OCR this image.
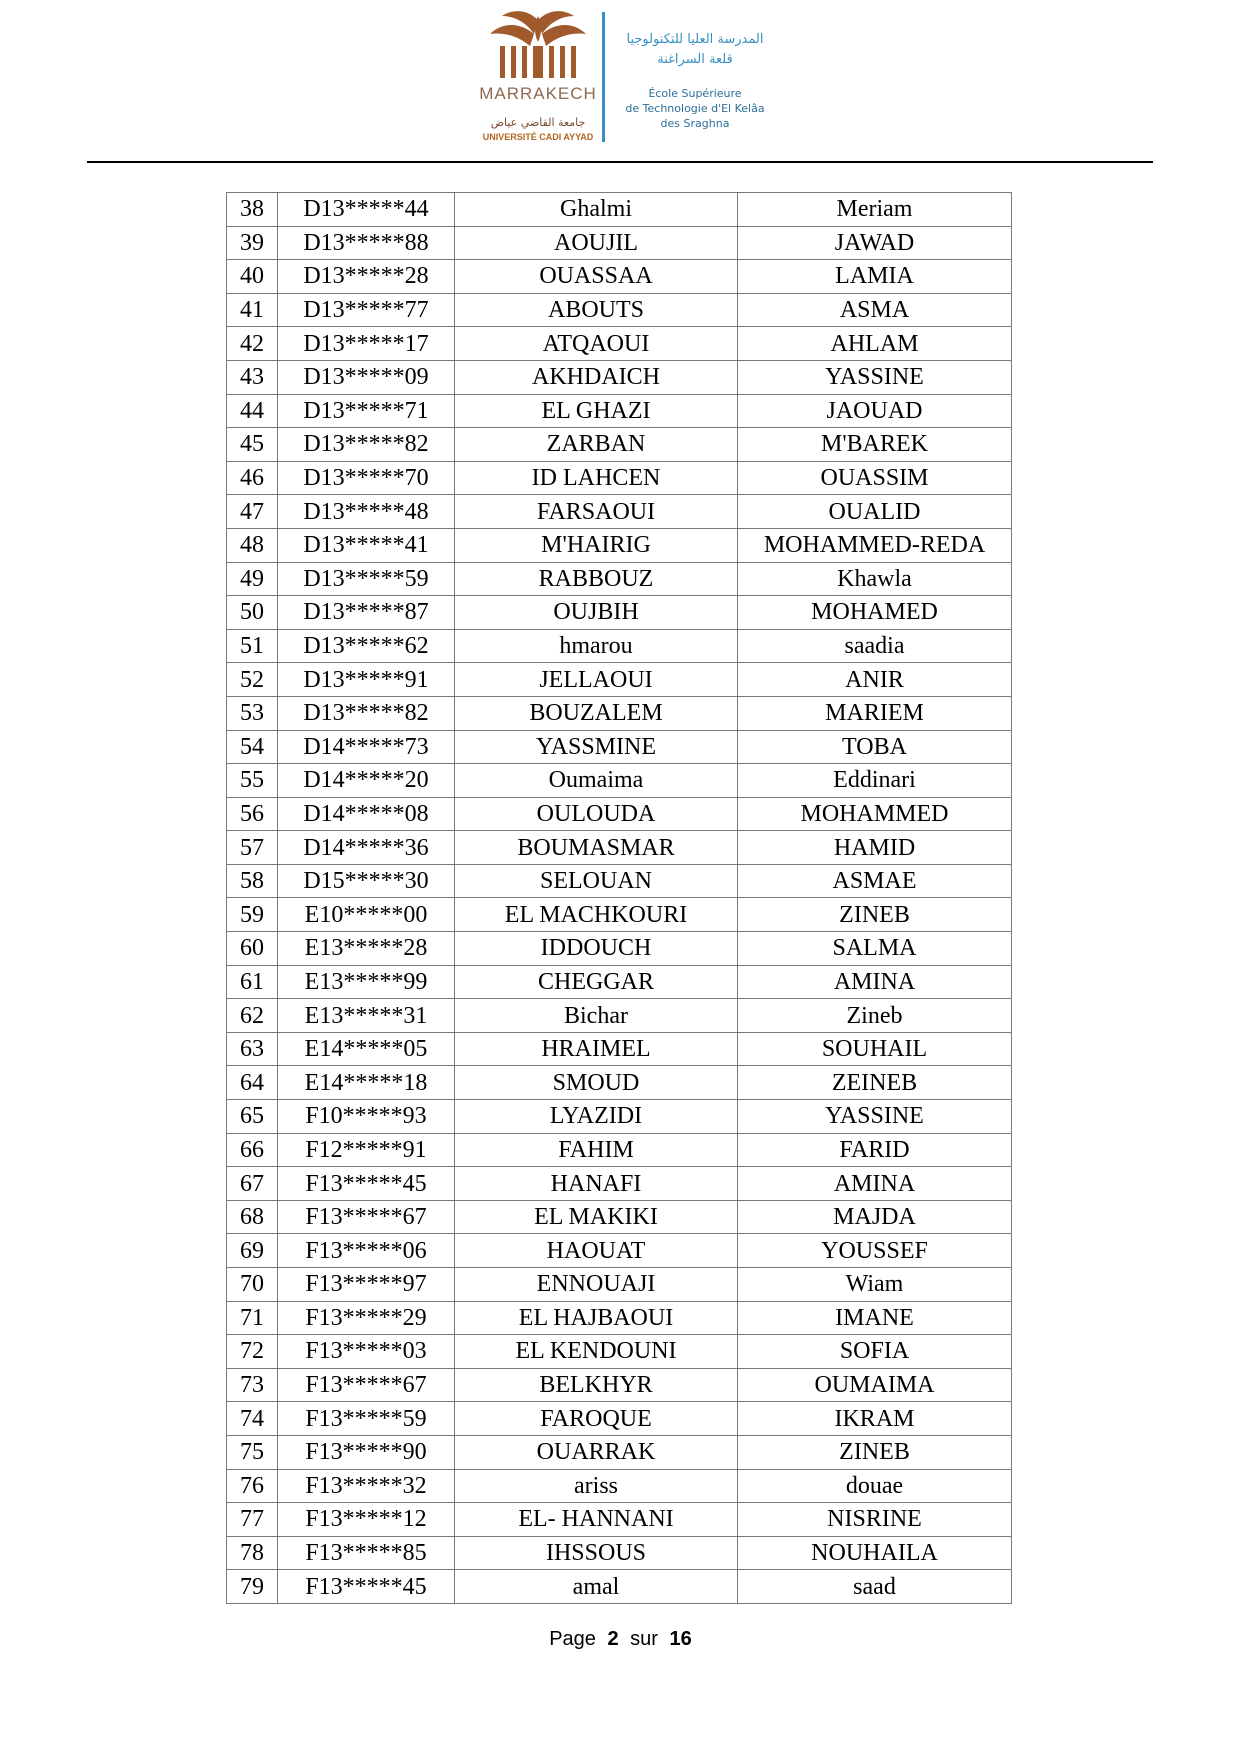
MARRAKECH
جامعة القاضي عياض
UNIVERSITÉ CADI AYYAD
المدرسة العليا للتكنولوجيا
قلعة السراغنة
École Supérieure
de Technologie d'El Kelâa
des Sraghna
38	D13*****44	Ghalmi	Meriam
39	D13*****88	AOUJIL	JAWAD
40	D13*****28	OUASSAA	LAMIA
41	D13*****77	ABOUTS	ASMA
42	D13*****17	ATQAOUI	AHLAM
43	D13*****09	AKHDAICH	YASSINE
44	D13*****71	EL GHAZI	JAOUAD
45	D13*****82	ZARBAN	M'BAREK
46	D13*****70	ID LAHCEN	OUASSIM
47	D13*****48	FARSAOUI	OUALID
48	D13*****41	M'HAIRIG	MOHAMMED-REDA
49	D13*****59	RABBOUZ	Khawla
50	D13*****87	OUJBIH	MOHAMED
51	D13*****62	hmarou	saadia
52	D13*****91	JELLAOUI	ANIR
53	D13*****82	BOUZALEM	MARIEM
54	D14*****73	YASSMINE	TOBA
55	D14*****20	Oumaima	Eddinari
56	D14*****08	OULOUDA	MOHAMMED
57	D14*****36	BOUMASMAR	HAMID
58	D15*****30	SELOUAN	ASMAE
59	E10*****00	EL MACHKOURI	ZINEB
60	E13*****28	IDDOUCH	SALMA
61	E13*****99	CHEGGAR	AMINA
62	E13*****31	Bichar	Zineb
63	E14*****05	HRAIMEL	SOUHAIL
64	E14*****18	SMOUD	ZEINEB
65	F10*****93	LYAZIDI	YASSINE
66	F12*****91	FAHIM	FARID
67	F13*****45	HANAFI	AMINA
68	F13*****67	EL MAKIKI	MAJDA
69	F13*****06	HAOUAT	YOUSSEF
70	F13*****97	ENNOUAJI	Wiam
71	F13*****29	EL HAJBAOUI	IMANE
72	F13*****03	EL KENDOUNI	SOFIA
73	F13*****67	BELKHYR	OUMAIMA
74	F13*****59	FAROQUE	IKRAM
75	F13*****90	OUARRAK	ZINEB
76	F13*****32	ariss	douae
77	F13*****12	EL- HANNANI	NISRINE
78	F13*****85	IHSSOUS	NOUHAILA
79	F13*****45	amal	saad
Page 2 sur 16
